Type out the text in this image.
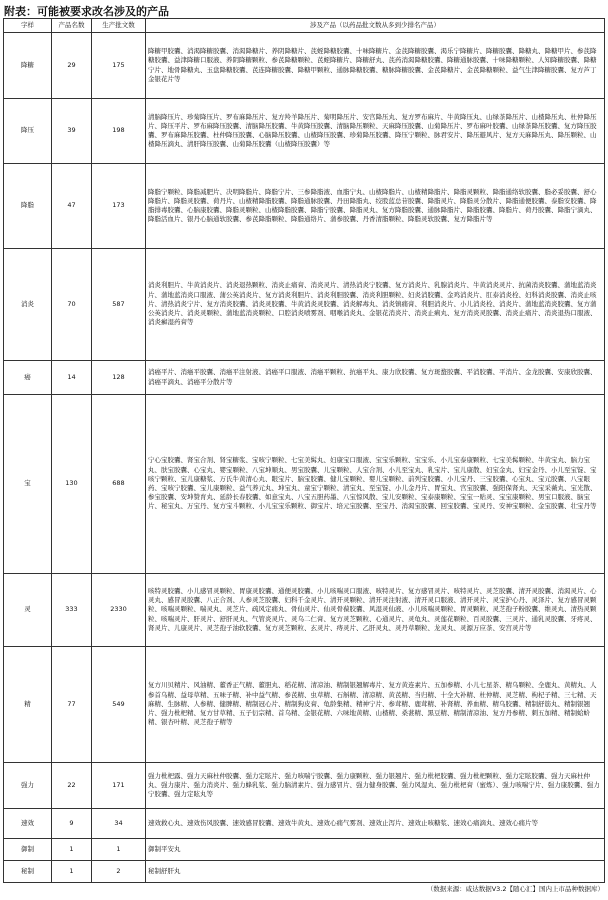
附表：可能被要求改名涉及的产品
字样	产品名数	生产批文数	涉及产品（以药品批文数从多到少排名产品）
降糖	29	175	降糖甲胶囊、消渴降糖胶囊、消渴降糖片、养阴降糖片、芪蛭降糖胶囊、十味降糖片、金芪降糖胶囊、渴乐宁降糖片、降糖胶囊、降糖丸、降糖甲片、参芪降糖胶囊、益津降糖口服液、养阴降糖颗粒、参芪降糖颗粒、芪蛭降糖片、降糖舒丸、芪药消渴降糖胶囊、降糖通脉胶囊、十味降糖颗粒、人知降糖胶囊、降糖宁片、地骨降糖丸、玉盘降糖胶囊、芪连降糖胶囊、降糖甲颗粒、通脉降糖胶囊、糖脉降糖胶囊、金芪降糖片、金芪降糖颗粒、益气生津降糖胶囊、复方芦丁金银花片等
降压	39	198	清脑降压片、珍菊降压片、罗布麻降压片、复方羚羊降压片、菊明降压片、安宫降压丸、复方罗布麻片、牛黄降压丸、山绿茶降压片、山楂降压丸、杜仲降压片、降压平片、罗布麻降压胶囊、清脑降压胶囊、牛黄降压胶囊、清脑降压颗粒、天麻降压胶囊、山菊降压片、罗布麻叶胶囊、山绿茶降压胶囊、复方降压胶囊、罗布麻降压胶囊、杜仲降压胶囊、心脑降压胶囊、山楂降压胶囊、珍菊降压胶囊、降压宁颗粒、脉君安片、降压避风片、复方天麻降压丸、降压颗粒、山楂降压滴丸、清肝降压胶囊、山菊降压胶囊（山楂降压胶囊）等
降脂	47	173	降脂宁颗粒、降脂减肥片、决明降脂片、降脂宁片、三参降脂液、血脂宁丸、山楂降脂片、山楂精降脂片、降脂灵颗粒、降脂通络软胶囊、脂必妥胶囊、舒心降脂片、降脂灵胶囊、荷丹片、山楂精降脂胶囊、降脂通脉胶囊、丹田降脂丸、绞股蓝总苷胶囊、降脂灵片、降脂灵分散片、降脂通便胶囊、泰脂安胶囊、降脂排毒胶囊、心脑康胶囊、降脂灵颗粒、山楂降脂胶囊、降脂宁胶囊、降脂灵丸、复方降脂胶囊、通脉降脂片、降脂胶囊、降脂片、荷丹胶囊、降脂宁滴丸、降脂活血片、银丹心脑通软胶囊、参芪降脂颗粒、降脂通络片、蒲参胶囊、丹香清脂颗粒、降脂灵软胶囊、复方降脂片等
消炎	70	587	消炎利胆片、牛黄消炎片、消炎退热颗粒、消炎止痛膏、消炎灵片、清热消炎宁胶囊、复方消炎片、乳腺消炎片、牛黄消炎灵片、抗菌消炎胶囊、蒲地蓝消炎片、蒲地蓝消炎口服液、蒲公英消炎片、复方消炎利胆片、消炎利胆胶囊、消炎利胆颗粒、妇炎消胶囊、金鸡消炎片、肛泰消炎栓、妇科消炎胶囊、消炎止咳片、清热消炎宁片、复方消炎胶囊、消炎灵胶囊、牛黄消炎灵胶囊、消炎解毒丸、消炎镇痛膏、利胆消炎片、小儿消炎栓、消炎片、蒲地蓝消炎胶囊、复方蒲公英消炎片、消炎灵颗粒、蒲地蓝消炎颗粒、口腔消炎喷雾剂、咽喉消炎丸、金银花消炎片、消炎止痢丸、复方消炎灵胶囊、消炎止痛片、消炎退热口服液、消炎癣湿药膏等
癌	14	128	消癌平片、消癌平胶囊、消癌平注射液、消癌平口服液、消癌平颗粒、抗癌平丸、康力欣胶囊、复方斑蝥胶囊、平消胶囊、平消片、金龙胶囊、安康欣胶囊、消癌平滴丸、消癌平分散片等
宝	130	688	宁心宝胶囊、肾宝合剂、肾宝糖浆、宝咳宁颗粒、七宝美髯丸、妇康宝口服液、宝宝乐颗粒、宝宝乐、小儿宝泰康颗粒、七宝美髯颗粒、牛黄宝丸、脑力宝丸、肤宝胶囊、心宝丸、婴宝颗粒、八宝坤顺丸、男宝胶囊、儿宝颗粒、人宝合剂、小儿至宝丸、乳宝片、宝儿康散、妇宝金丸、妇宝金丹、小儿至宝锭、宝咳宁颗粒、宝儿康糖浆、万氏牛黄清心丸、眼宝片、脑宝胶囊、健儿宝颗粒、婴儿宝颗粒、前列宝胶囊、小儿宝丹、三宝胶囊、心宝丸、宝元胶囊、八宝眼药、宝咳宁胶囊、宝儿康颗粒、益气养元丸、坤宝丸、童宝宁颗粒、清宝丸、至宝锭、小儿金丹片、胃宝丸、宫宝胶囊、强阳保肾丸、天宝采薇丸、宝光散、参宝胶囊、安坤赞育丸、延龄长春胶囊、如意宝丸、八宝五胆药墨、八宝惊风散、宝儿安颗粒、宝泰康颗粒、宝宝一贴灵、宝宝康颗粒、男宝口服液、脑宝片、秘宝丸、万宝丹、复方宝斗颗粒、小儿宝宝乐颗粒、御宝片、培元宝胶囊、至宝丹、消渴宝胶囊、回宝胶囊、宝灵丹、安神宝颗粒、金宝胶囊、壮宝丹等
灵	333	2330	咳特灵胶囊、小儿感冒灵颗粒、胃康灵胶囊、通便灵胶囊、小儿咳喘灵口服液、咳特灵片、复方感冒灵片、咳特灵片、灵芝胶囊、清开灵胶囊、消渴灵片、心灵丸、感冒灵胶囊、八正合剂、人参灵芝胶囊、妇科千金灵片、清开灵颗粒、清开灵注射液、清开灵口服液、清开灵片、灵宝护心丹、灵泽片、复方感冒灵颗粒、咳喘灵颗粒、喘灵丸、灵芝片、疏风定痛丸、骨仙灵片、仙灵骨葆胶囊、风湿灵仙液、小儿咳喘灵颗粒、胃灵颗粒、灵芝孢子粉胶囊、维灵丸、清热灵颗粒、咳喘灵片、肝灵片、舒肝灵丸、气管炎灵片、灵乌二仁膏、复方灵芝颗粒、心通灵片、灵龟丸、灵莲花颗粒、百灵胶囊、三灵片、通乳灵胶囊、牙疼灵、肾灵片、儿康灵片、灵芝孢子油软胶囊、复方灵芝颗粒、玄灵片、痔灵片、乙肝灵丸、灵丹草颗粒、龙灵丸、灵源万应茶、安宫灵片等
精	77	549	复方川贝精片、风油精、藿香正气精、藿胆丸、稻花精、清凉油、精制银翘解毒片、复方黄连素片、五加参精、小儿七星茶、精乌颗粒、全鹿丸、黄精丸、人参首乌精、益母草精、五味子精、补中益气精、参芪精、虫草精、石斛精、清凉精、黄芪精、当归精、十全大补精、杜仲精、灵芝精、枸杞子精、三七精、天麻精、生脉精、人参精、健脾精、精制冠心片、精制狗皮膏、龟龄集精、精神宁片、参茸精、鹿茸精、补肾精、养血精、精乌胶囊、精制舒筋丸、精制银翘片、强力枇杷精、复方甘草精、五子衍宗精、首乌精、金银花精、六味地黄精、山楂精、桑葚精、黑豆精、精制清凉油、复方丹参精、刺五加精、精制蛤蚧精、银杏叶精、灵芝孢子精等
强力	22	171	强力枇杷露、强力天麻杜仲胶囊、强力定眩片、强力咳喘宁胶囊、强力康颗粒、强力银翘片、强力枇杷胶囊、强力枇杷颗粒、强力定眩胶囊、强力天麻杜仲丸、强力康片、强力消炎片、强力蜂乳浆、强力脑清素片、强力感冒片、强力健身胶囊、强力风湿丸、强力枇杷膏（蜜炼）、强力咳喘宁片、强力康胶囊、强力宁胶囊、强力定眩丸等
速效	9	34	速效救心丸、速效伤风胶囊、速效感冒胶囊、速效牛黄丸、速效心痛气雾剂、速效止泻片、速效止咳糖浆、速效心痛滴丸、速效心痛片等
御制	1	1	御制平安丸
秘制	1	2	秘制舒肝丸
（数据来源：咸达数据V3.2【随心汇】国内上市品种数据库）
